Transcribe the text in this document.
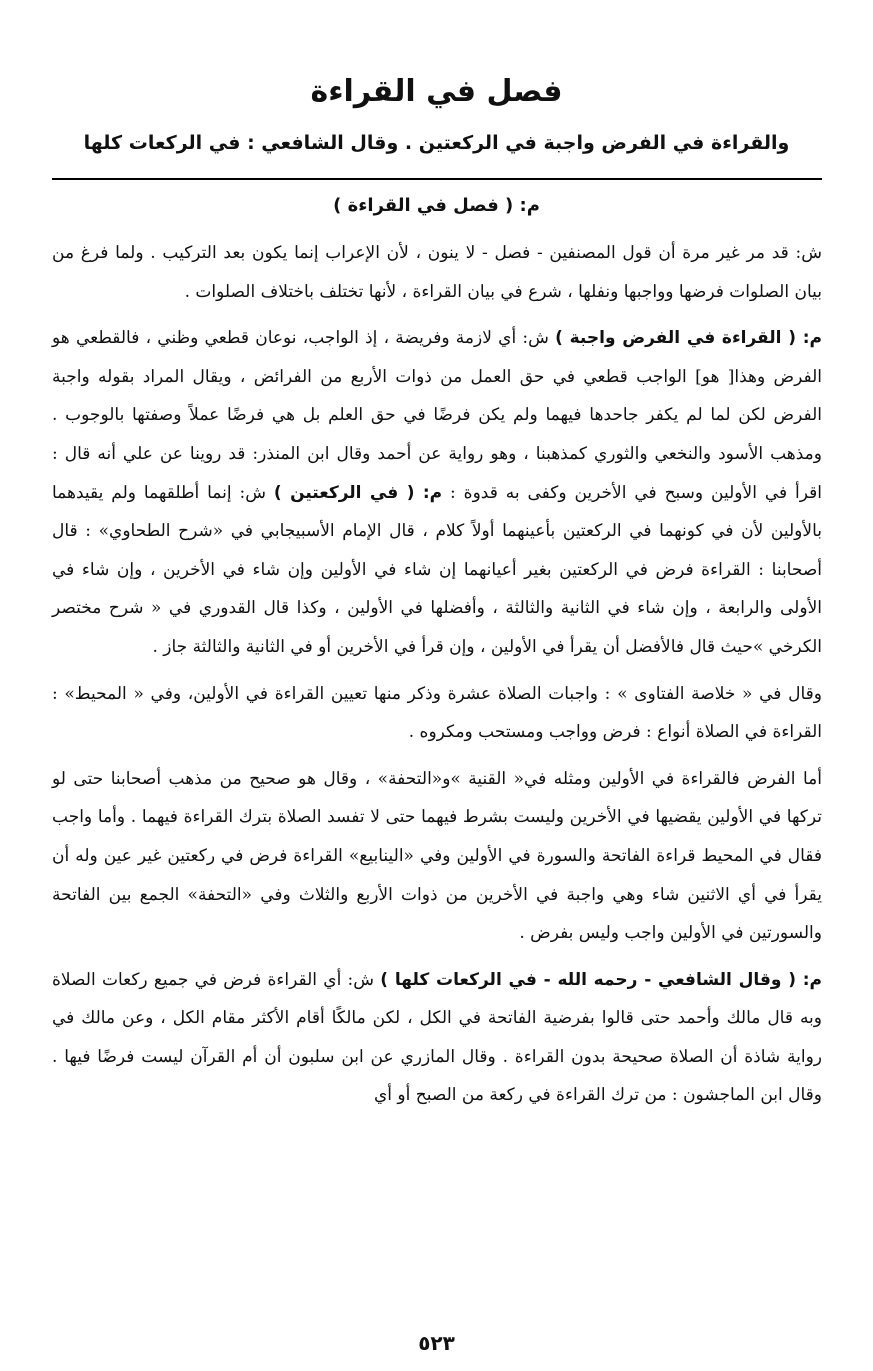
فصل في القراءة
والقراءة في الفرض واجبة في الركعتين . وقال الشافعي : في الركعات كلها
م: ( فصل في القراءة )

ش: قد مر غير مرة أن قول المصنفين - فصل - لا ينون ، لأن الإعراب إنما يكون بعد التركيب . ولما فرغ من بيان الصلوات فرضها وواجبها ونفلها ، شرع في بيان القراءة ، لأنها تختلف باختلاف الصلوات .

م: ( القراءة في الفرض واجبة ) ش: أي لازمة وفريضة ، إذ الواجب، نوعان قطعي وظني ، فالقطعي هو الفرض وهذا[ هو] الواجب قطعي في حق العمل من ذوات الأربع من الفرائض ، ويقال المراد بقوله واجبة الفرض لكن لما لم يكفر جاحدها فيهما ولم يكن فرضًا في حق العلم بل هي فرضًا عملاً وصفتها بالوجوب . ومذهب الأسود والنخعي والثوري كمذهبنا ، وهو رواية عن أحمد وقال ابن المنذر: قد روينا عن علي أنه قال : اقرأ في الأولين وسبح في الأخرين وكفى به قدوة : م: ( في الركعتين ) ش: إنما أطلقهما ولم يقيدهما بالأولين لأن في كونهما في الركعتين بأعينهما أولاً كلام ، قال الإمام الأسبيجابي في «شرح الطحاوي» : قال أصحابنا : القراءة فرض في الركعتين بغير أعيانهما إن شاء في الأولين وإن شاء في الأخرين ، وإن شاء في الأولى والرابعة ، وإن شاء في الثانية والثالثة ، وأفضلها في الأولين ، وكذا قال القدوري في « شرح مختصر الكرخي »حيث قال فالأفضل أن يقرأ في الأولين ، وإن قرأ في الأخرين أو في الثانية والثالثة جاز .

وقال في « خلاصة الفتاوى » : واجبات الصلاة عشرة وذكر منها تعيين القراءة في الأولين، وفي « المحيط» : القراءة في الصلاة أنواع : فرض وواجب ومستحب ومكروه .

أما الفرض فالقراءة في الأولين ومثله في« القنية »و«التحفة» ، وقال هو صحيح من مذهب أصحابنا حتى لو تركها في الأولين يقضيها في الأخرين وليست بشرط فيهما حتى لا تفسد الصلاة بترك القراءة فيهما . وأما واجب فقال في المحيط قراءة الفاتحة والسورة في الأولين وفي «الينابيع» القراءة فرض في ركعتين غير عين وله أن يقرأ في أي الاثنين شاء وهي واجبة في الأخرين من ذوات الأربع والثلاث وفي «التحفة» الجمع بين الفاتحة والسورتين في الأولين واجب وليس بفرض .

م: ( وقال الشافعي - رحمه الله - في الركعات كلها ) ش: أي القراءة فرض في جميع ركعات الصلاة وبه قال مالك وأحمد حتى قالوا بفرضية الفاتحة في الكل ، لكن مالكًا أقام الأكثر مقام الكل ، وعن مالك في رواية شاذة أن الصلاة صحيحة بدون القراءة . وقال المازري عن ابن سلبون أن أم القرآن ليست فرضًا فيها . وقال ابن الماجشون : من ترك القراءة في ركعة من الصبح أو أي

٥٢٣
